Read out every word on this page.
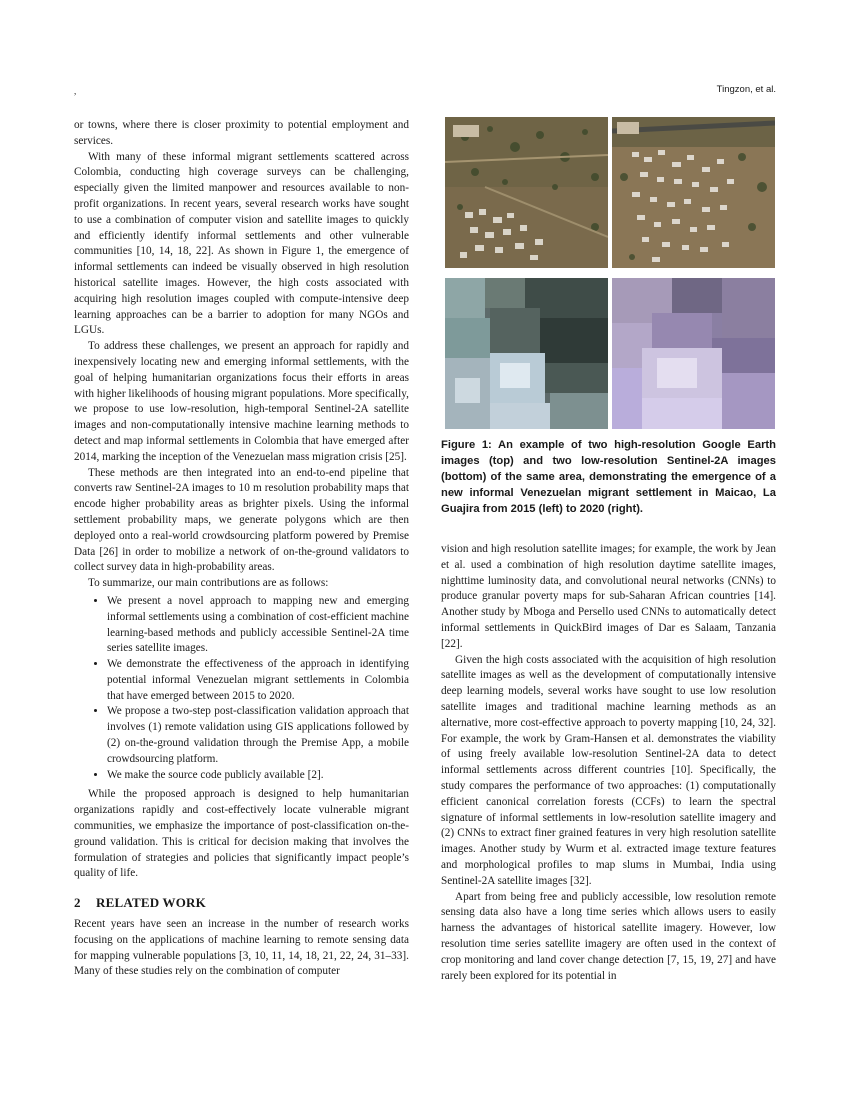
,	Tingzon, et al.

or towns, where there is closer proximity to potential employment and services.

With many of these informal migrant settlements scattered across Colombia, conducting high coverage surveys can be challenging, especially given the limited manpower and resources available to non-profit organizations. In recent years, several research works have sought to use a combination of computer vision and satellite images to quickly and efficiently identify informal settlements and other vulnerable communities [10, 14, 18, 22]. As shown in Figure 1, the emergence of informal settlements can indeed be visually observed in high resolution historical satellite images. However, the high costs associated with acquiring high resolution images coupled with compute-intensive deep learning approaches can be a barrier to adoption for many NGOs and LGUs.

To address these challenges, we present an approach for rapidly and inexpensively locating new and emerging informal settlements, with the goal of helping humanitarian organizations focus their efforts in areas with higher likelihoods of housing migrant populations. More specifically, we propose to use low-resolution, high-temporal Sentinel-2A satellite images and non-computationally intensive machine learning methods to detect and map informal settlements in Colombia that have emerged after 2014, marking the inception of the Venezuelan mass migration crisis [25].

These methods are then integrated into an end-to-end pipeline that converts raw Sentinel-2A images to 10 m resolution probability maps that encode higher probability areas as brighter pixels. Using the informal settlement probability maps, we generate polygons which are then deployed onto a real-world crowdsourcing platform powered by Premise Data [26] in order to mobilize a network of on-the-ground validators to collect survey data in high-probability areas.

To summarize, our main contributions are as follows:

• We present a novel approach to mapping new and emerging informal settlements using a combination of cost-efficient machine learning-based methods and publicly accessible Sentinel-2A time series satellite images.
• We demonstrate the effectiveness of the approach in identifying potential informal Venezuelan migrant settlements in Colombia that have emerged between 2015 to 2020.
• We propose a two-step post-classification validation approach that involves (1) remote validation using GIS applications followed by (2) on-the-ground validation through the Premise App, a mobile crowdsourcing platform.
• We make the source code publicly available [2].

While the proposed approach is designed to help humanitarian organizations rapidly and cost-effectively locate vulnerable migrant communities, we emphasize the importance of post-classification on-the-ground validation. This is critical for decision making that involves the formulation of strategies and policies that significantly impact people’s quality of life.

2 RELATED WORK

Recent years have seen an increase in the number of research works focusing on the applications of machine learning to remote sensing data for mapping vulnerable populations [3, 10, 11, 14, 18, 21, 22, 24, 31–33]. Many of these studies rely on the combination of computer

Figure 1: An example of two high-resolution Google Earth images (top) and two low-resolution Sentinel-2A images (bottom) of the same area, demonstrating the emergence of a new informal Venezuelan migrant settlement in Maicao, La Guajira from 2015 (left) to 2020 (right).

vision and high resolution satellite images; for example, the work by Jean et al. used a combination of high resolution daytime satellite images, nighttime luminosity data, and convolutional neural networks (CNNs) to produce granular poverty maps for sub-Saharan African countries [14]. Another study by Mboga and Persello used CNNs to automatically detect informal settlements in QuickBird images of Dar es Salaam, Tanzania [22].

Given the high costs associated with the acquisition of high resolution satellite images as well as the development of computationally intensive deep learning models, several works have sought to use low resolution satellite images and traditional machine learning methods as an alternative, more cost-effective approach to poverty mapping [10, 24, 32]. For example, the work by Gram-Hansen et al. demonstrates the viability of using freely available low-resolution Sentinel-2A data to detect informal settlements across different countries [10]. Specifically, the study compares the performance of two approaches: (1) computationally efficient canonical correlation forests (CCFs) to learn the spectral signature of informal settlements in low-resolution satellite imagery and (2) CNNs to extract finer grained features in very high resolution satellite images. Another study by Wurm et al. extracted image texture features and morphological profiles to map slums in Mumbai, India using Sentinel-2A satellite images [32].

Apart from being free and publicly accessible, low resolution remote sensing data also have a long time series which allows users to easily harness the advantages of historical satellite imagery. However, low resolution time series satellite imagery are often used in the context of crop monitoring and land cover change detection [7, 15, 19, 27] and have rarely been explored for its potential in
